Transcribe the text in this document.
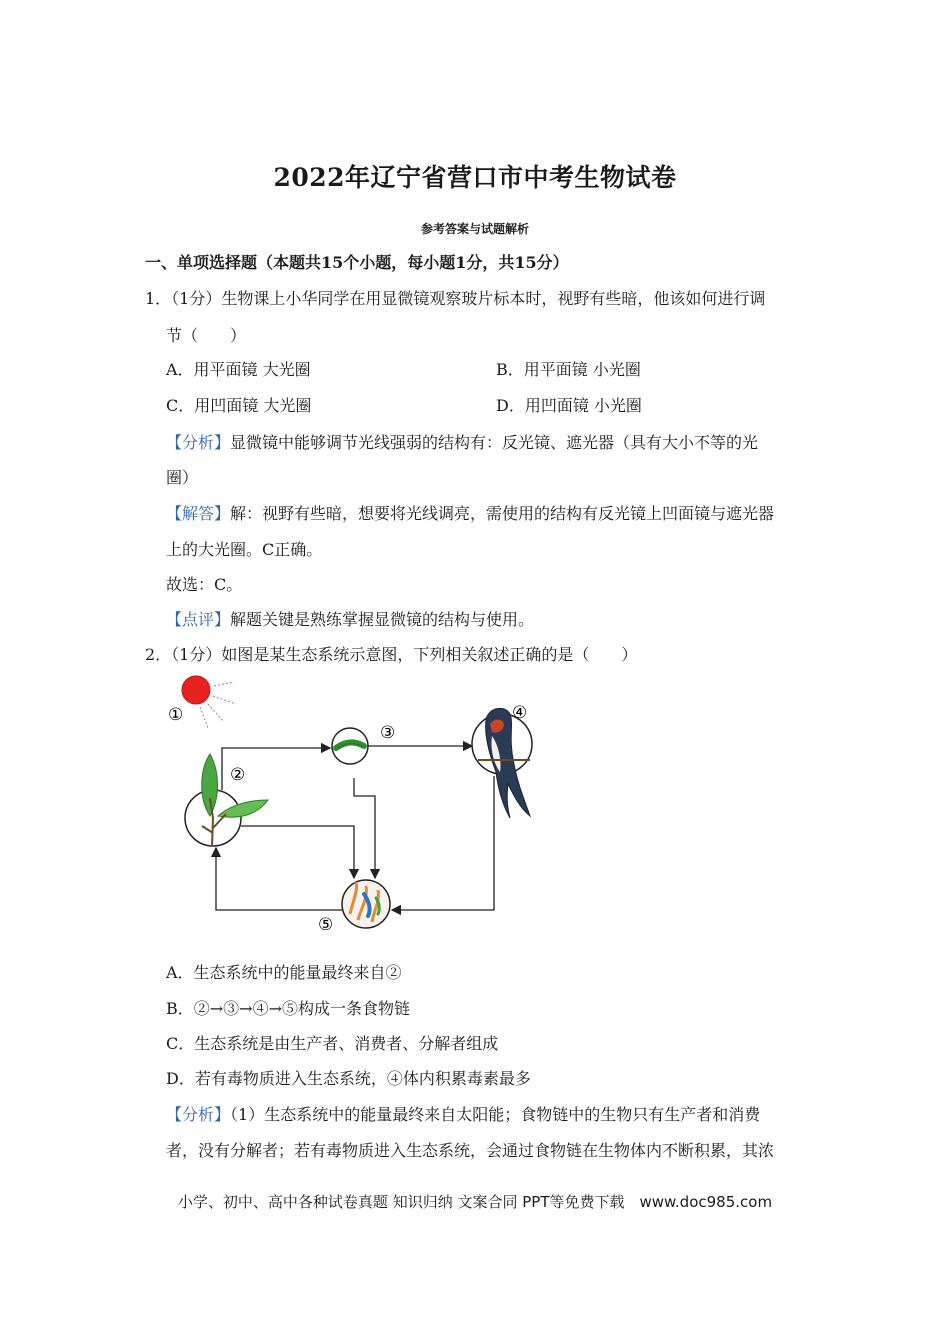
2022年辽宁省营口市中考生物试卷
参考答案与试题解析
一、单项选择题（本题共15个小题，每小题1分，共15分）
1．（1分）生物课上小华同学在用显微镜观察玻片标本时，视野有些暗，他该如何进行调
节（　　）
A．用平面镜 大光圈	B．用平面镜 小光圈
C．用凹面镜 大光圈	D．用凹面镜 小光圈
【分析】显微镜中能够调节光线强弱的结构有：反光镜、遮光器（具有大小不等的光
圈）
【解答】解：视野有些暗，想要将光线调亮，需使用的结构有反光镜上凹面镜与遮光器
上的大光圈。C正确。
故选：C。
【点评】解题关键是熟练掌握显微镜的结构与使用。
2．（1分）如图是某生态系统示意图，下列相关叙述正确的是（　　）
①
②
③
④
⑤
A．生态系统中的能量最终来自②
B．②→③→④→⑤构成一条食物链
C．生态系统是由生产者、消费者、分解者组成
D．若有毒物质进入生态系统，④体内积累毒素最多
【分析】（1）生态系统中的能量最终来自太阳能；食物链中的生物只有生产者和消费
者，没有分解者；若有毒物质进入生态系统，会通过食物链在生物体内不断积累，其浓
小学、初中、高中各种试卷真题 知识归纳 文案合同 PPT等免费下载　www.doc985.com
